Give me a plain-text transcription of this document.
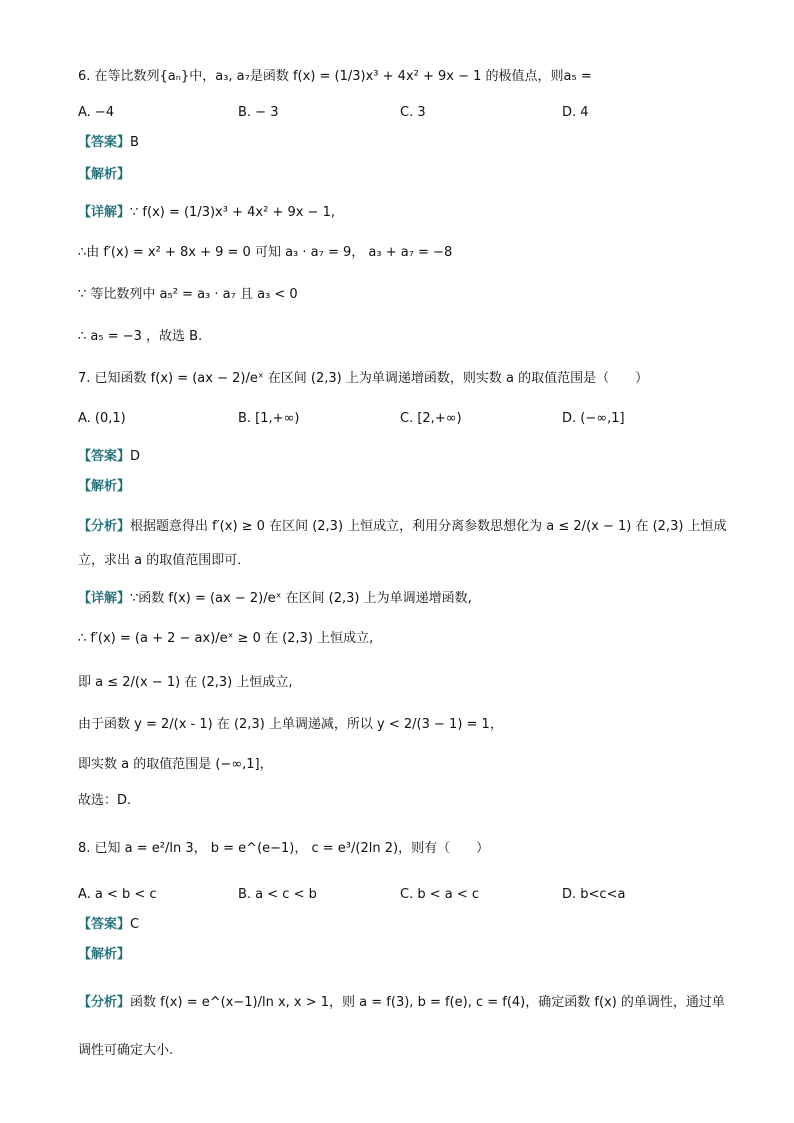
6. 在等比数列{aₙ}中，a₃, a₇是函数 f(x) = (1/3)x³ + 4x² + 9x − 1 的极值点，则a₅ =
A. −4	B. − 3	C. 3	D. 4
【答案】B
【解析】
【详解】∵ f(x) = (1/3)x³ + 4x² + 9x − 1,
∴由 f′(x) = x² + 8x + 9 = 0 可知 a₃ · a₇ = 9， a₃ + a₇ = −8
∵ 等比数列中 a₅² = a₃ · a₇ 且 a₃ < 0
∴ a₅ = −3 ，故选 B.
7. 已知函数 f(x) = (ax − 2)/eˣ 在区间 (2,3) 上为单调递增函数，则实数 a 的取值范围是（　　）
A. (0,1)	B. [1,+∞)	C. [2,+∞)	D. (−∞,1]
【答案】D
【解析】
【分析】根据题意得出 f′(x) ≥ 0 在区间 (2,3) 上恒成立，利用分离参数思想化为 a ≤ 2/(x − 1) 在 (2,3) 上恒成
立，求出 a 的取值范围即可．
【详解】∵函数 f(x) = (ax − 2)/eˣ 在区间 (2,3) 上为单调递增函数,
∴ f′(x) = (a + 2 − ax)/eˣ ≥ 0 在 (2,3) 上恒成立,
即 a ≤ 2/(x − 1) 在 (2,3) 上恒成立,
由于函数 y = 2/(x - 1) 在 (2,3) 上单调递减，所以 y < 2/(3 − 1) = 1，
即实数 a 的取值范围是 (−∞,1]，
故选：D.
8. 已知 a = e²/ln 3， b = e^(e−1)， c = e³/(2ln 2)，则有（　　）
A. a < b < c	B. a < c < b	C. b < a < c	D. b<c<a
【答案】C
【解析】
【分析】函数 f(x) = e^(x−1)/ln x, x > 1，则 a = f(3), b = f(e), c = f(4)，确定函数 f(x) 的单调性，通过单
调性可确定大小.
